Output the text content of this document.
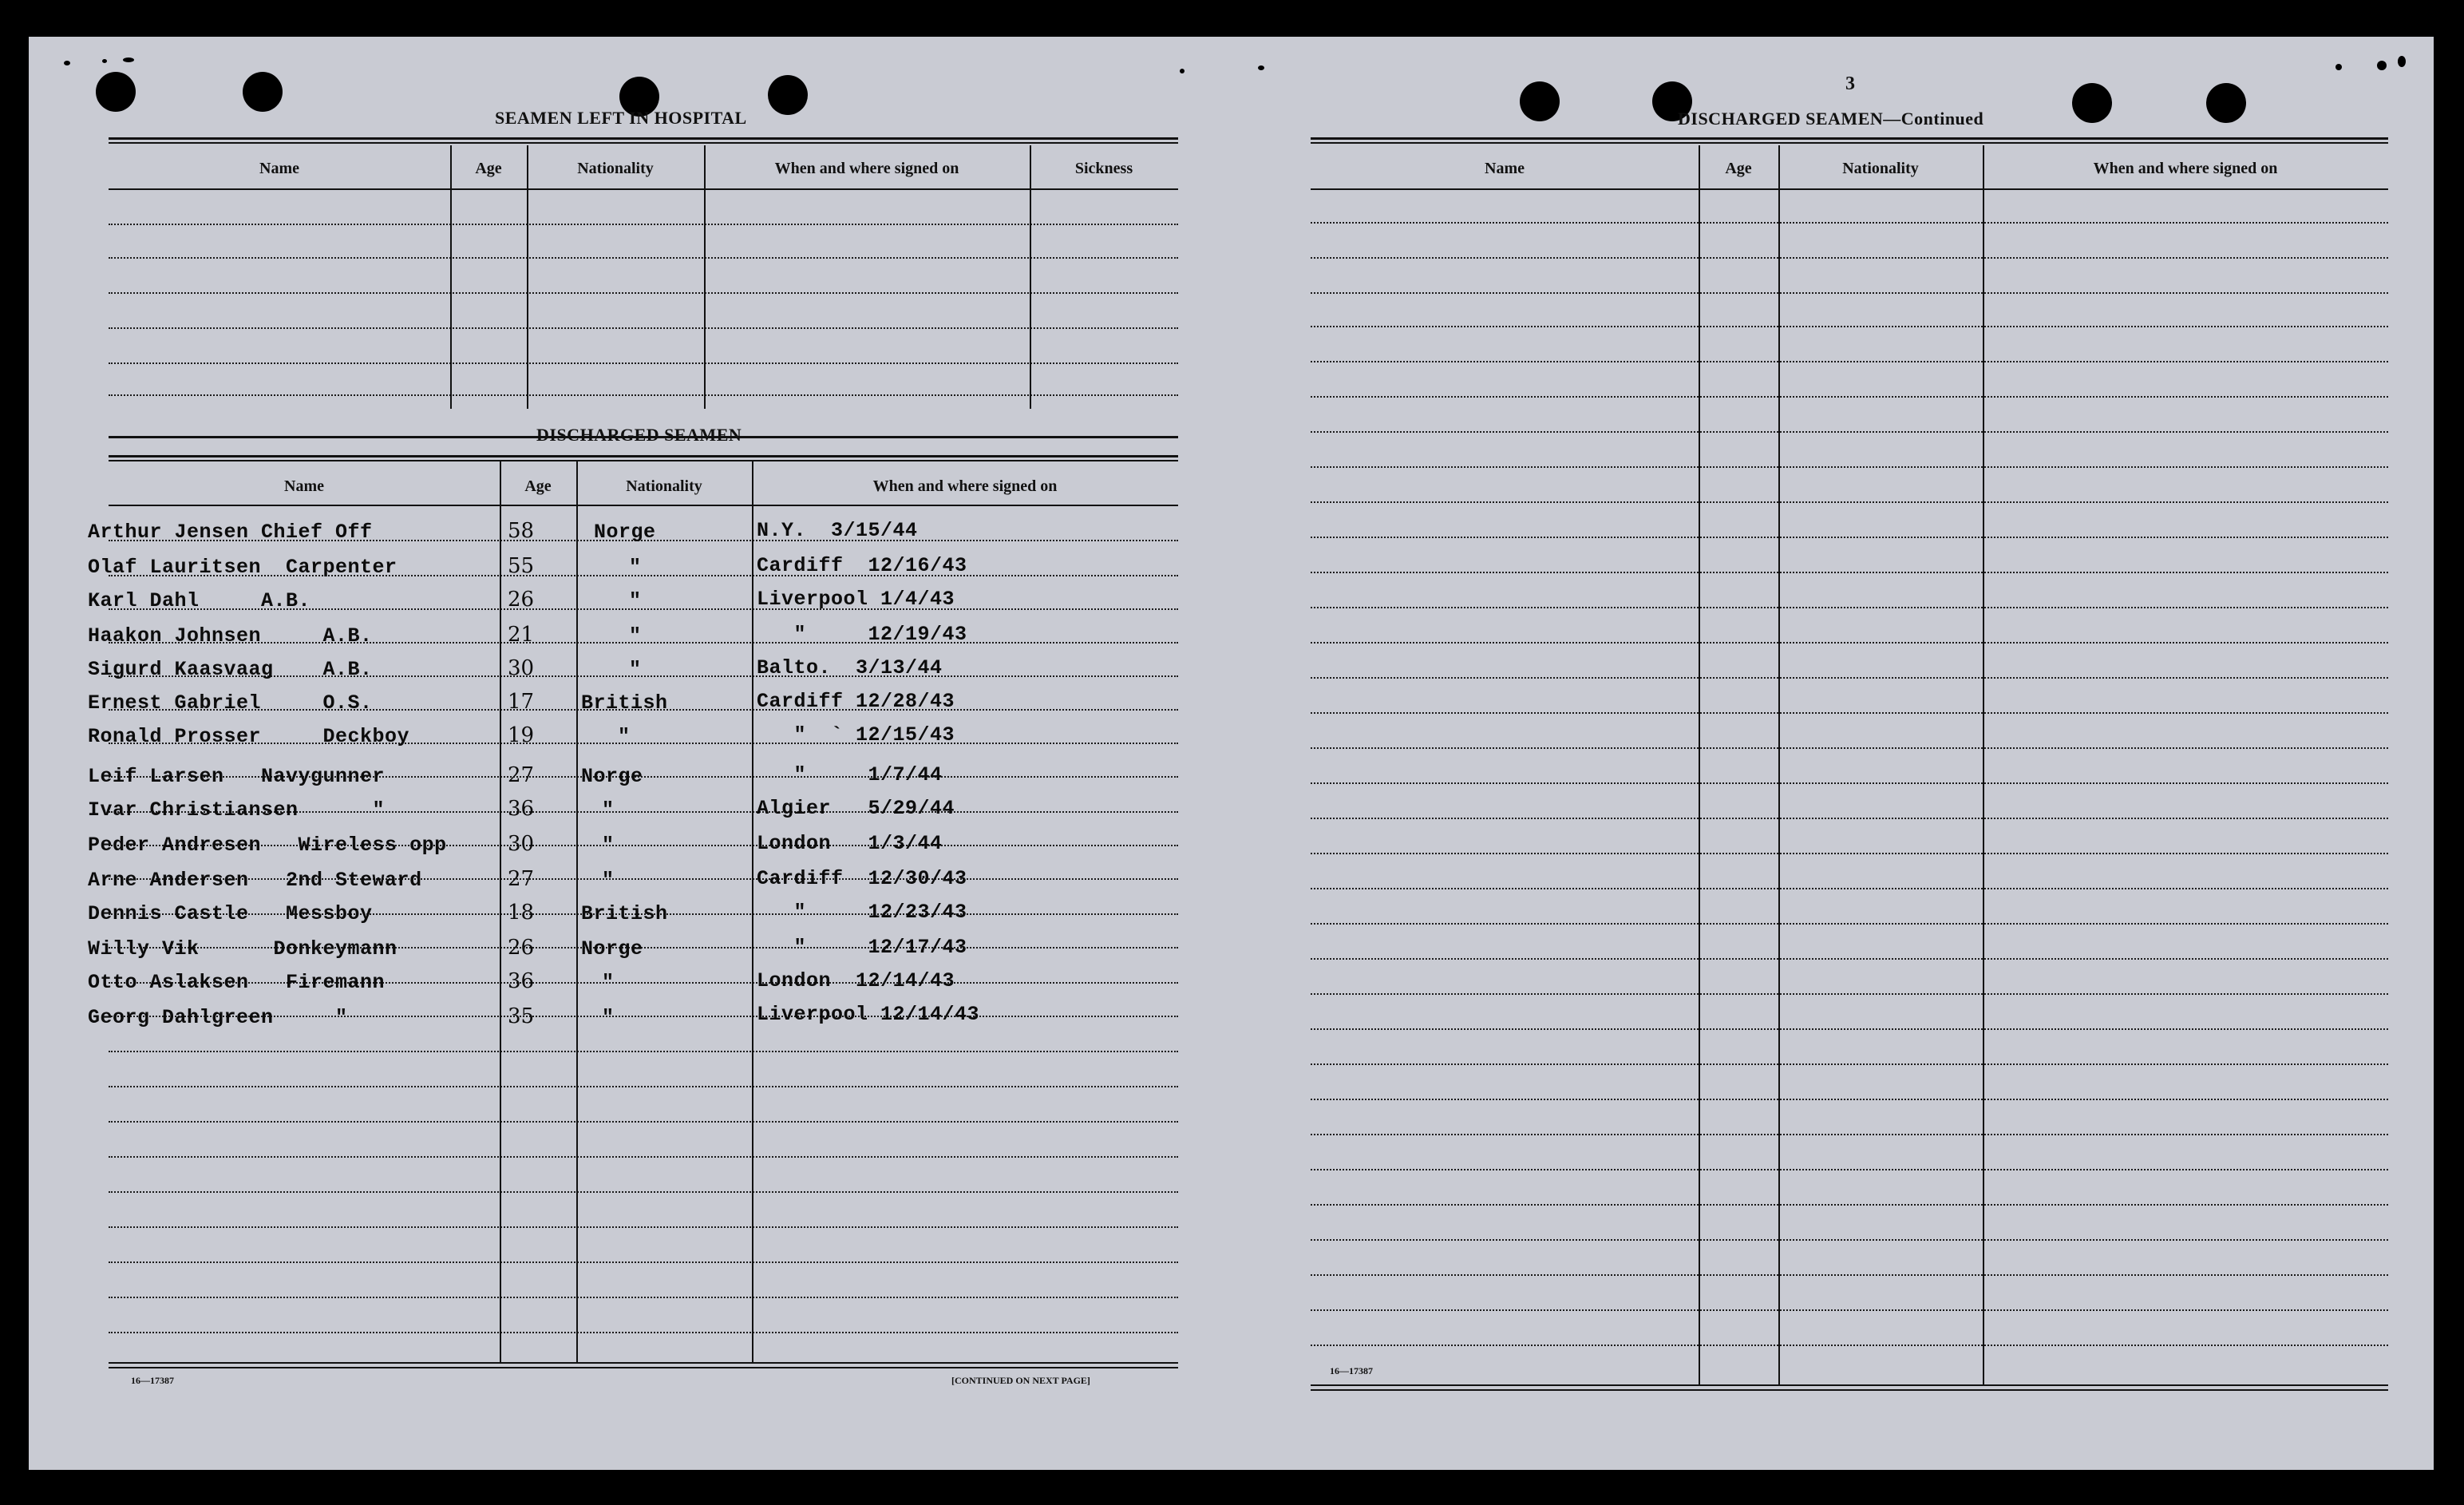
SEAMEN LEFT IN HOSPITAL
Name	Age	Nationality	When and where signed on	Sickness
DISCHARGED SEAMEN
Name	Age	Nationality	When and where signed on
Arthur Jensen Chief Off	58	Norge	N.Y.  3/15/44
Olaf Lauritsen  Carpenter	55	"	Cardiff  12/16/43
Karl Dahl     A.B.	26	"	Liverpool 1/4/43
Haakon Johnsen     A.B.	21	"	"     12/19/43
Sigurd Kaasvaag    A.B.	30	"	Balto.  3/13/44
Ernest Gabriel     O.S.	17 British	Cardiff 12/28/43
Ronald Prosser     Deckboy	19	"	"  ` 12/15/43
Leif Larsen   Navygunner	27 Norge	"     1/7/44
Ivar Christiansen      "	36	"	Algier   5/29/44
Peder Andresen   Wireless opp	30	"	London   1/3/44
Arne Andersen   2nd Steward	27	"	Cardiff  12/30/43
Dennis Castle   Messboy	18 British	"     12/23/43
Willy Vik      Donkeymann	26 Norge	"     12/17/43
Otto Aslaksen   Firemann	36	"	London  12/14/43
Georg Dahlgreen     "	35	"	Liverpool 12/14/43
16—17387	[CONTINUED ON NEXT PAGE]
3
DISCHARGED SEAMEN—Continued
Name	Age	Nationality	When and where signed on
16—17387
